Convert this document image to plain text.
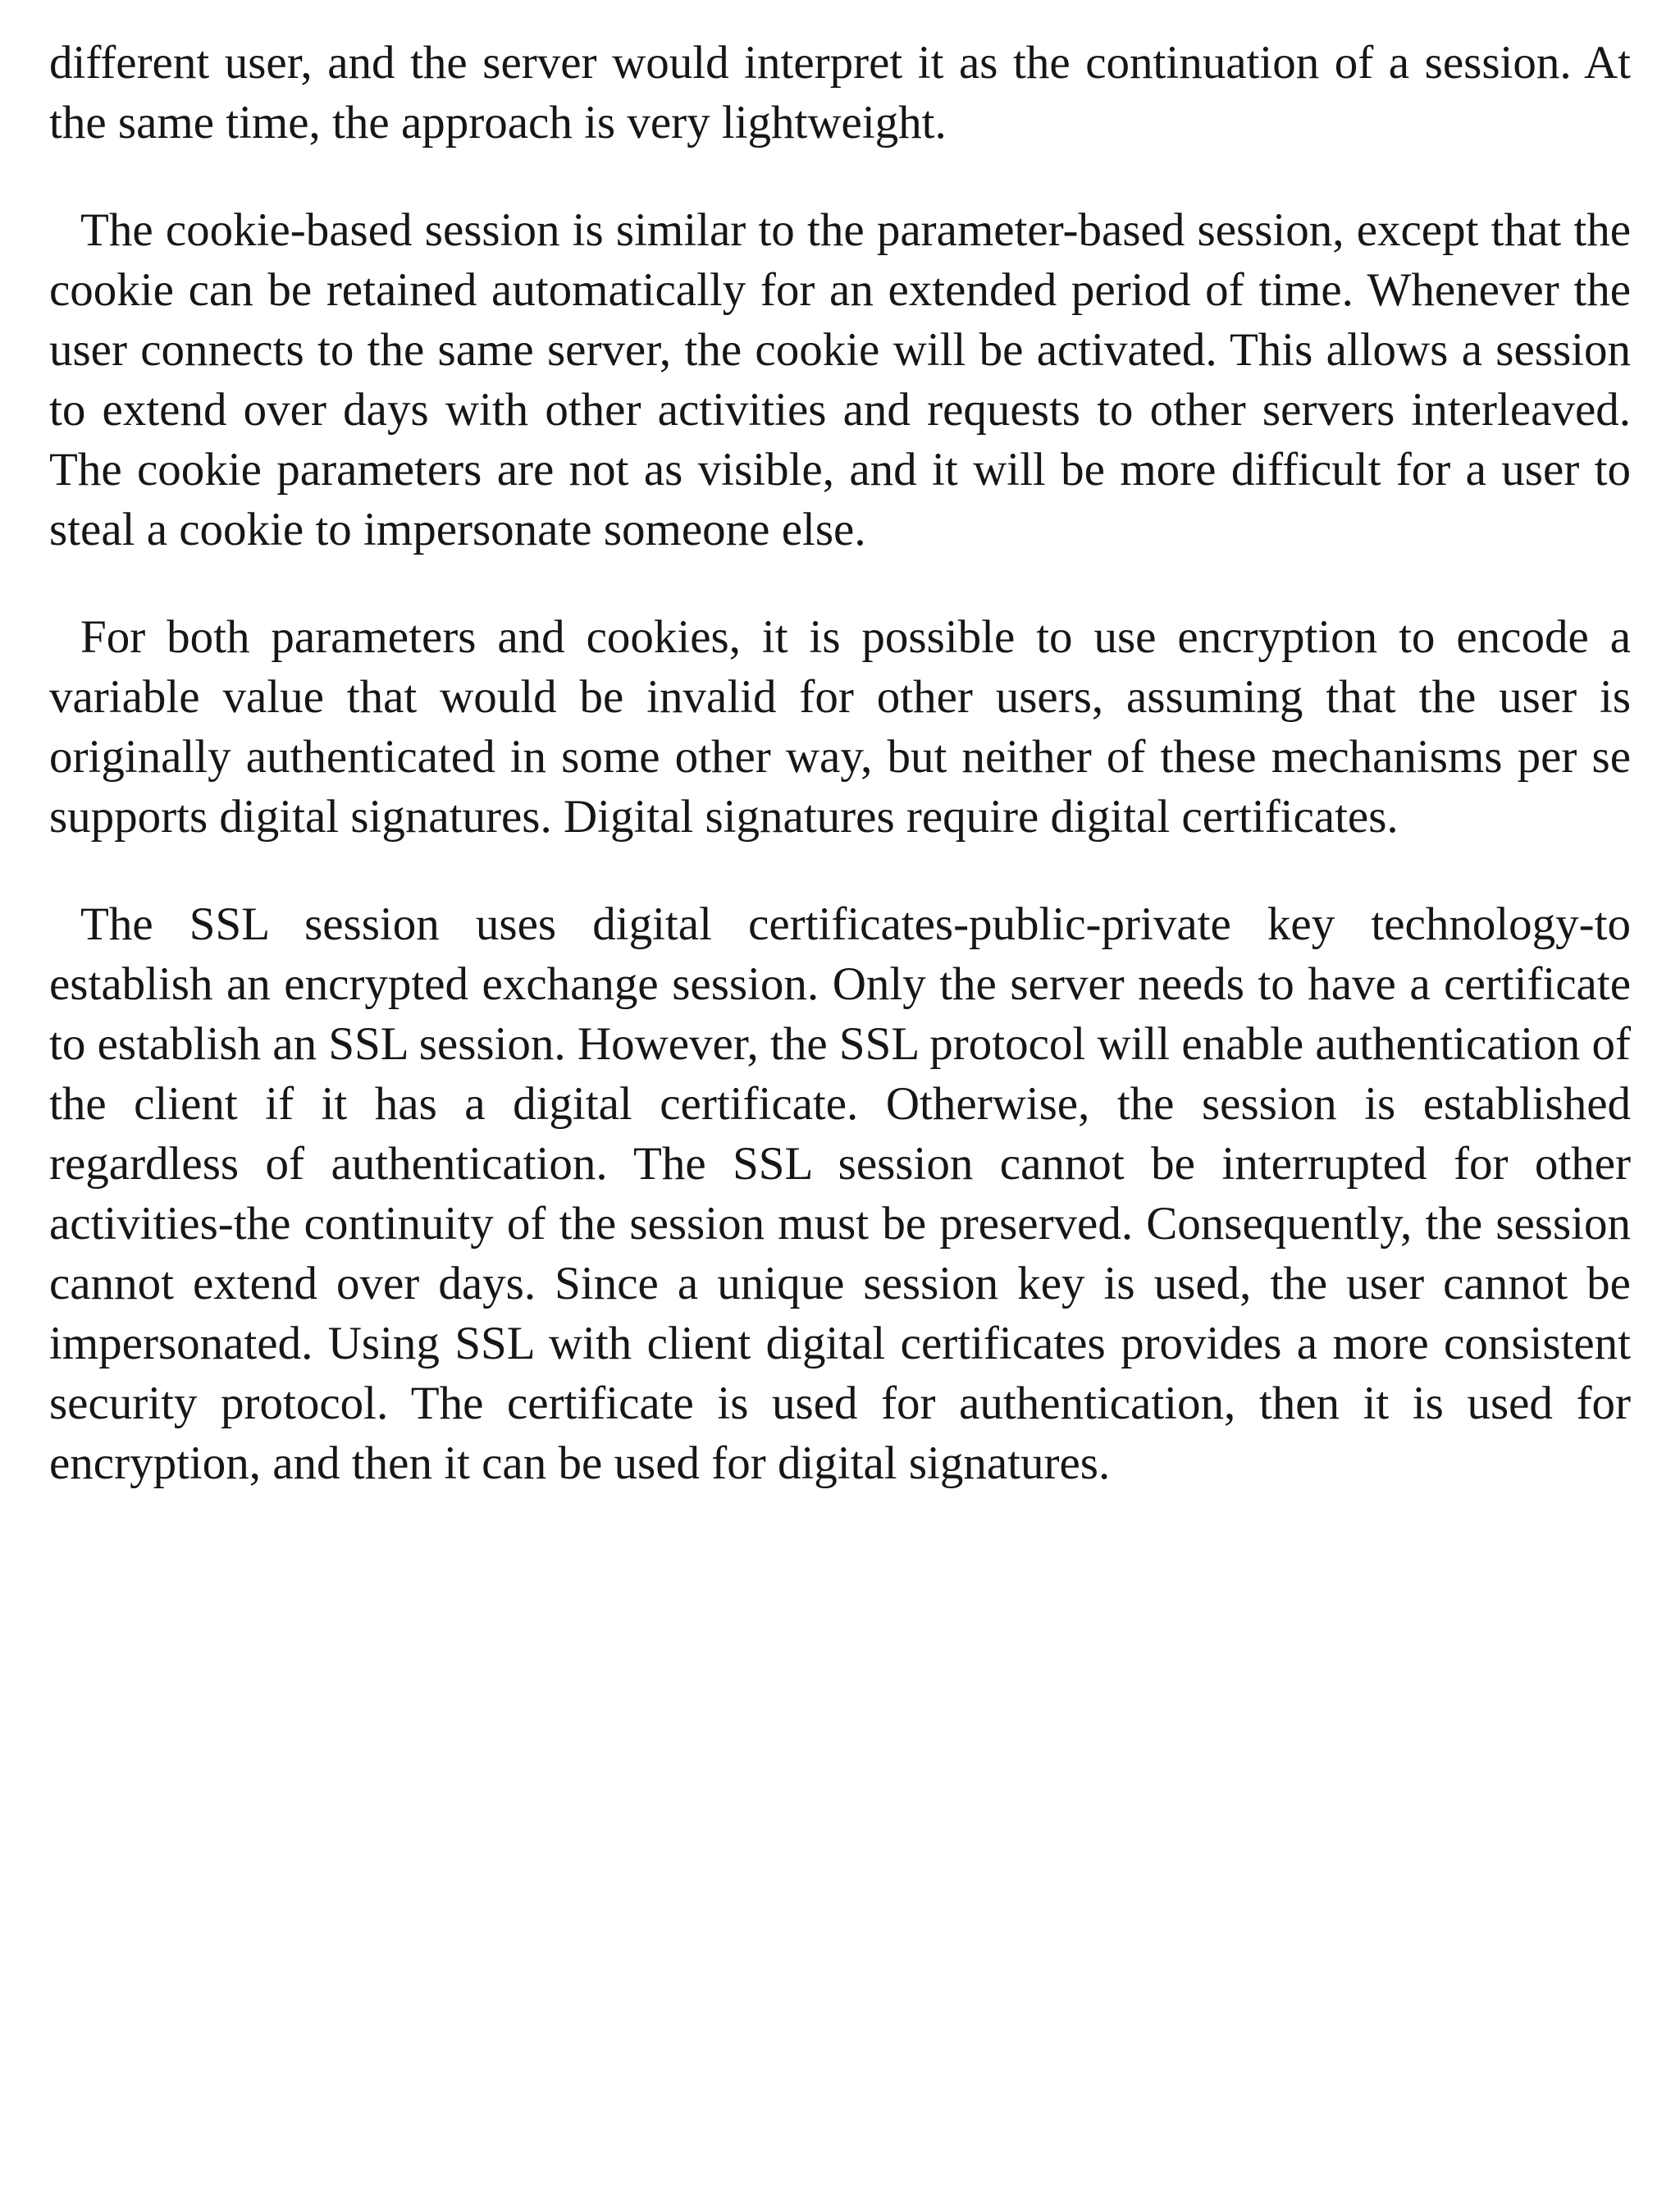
different user, and the server would interpret it as the continuation of a session. At the same time, the approach is very lightweight.

The cookie-based session is similar to the parameter-based session, except that the cookie can be retained automatically for an extended period of time. Whenever the user connects to the same server, the cookie will be activated. This allows a session to extend over days with other activities and requests to other servers interleaved. The cookie parameters are not as visible, and it will be more difficult for a user to steal a cookie to impersonate someone else.

For both parameters and cookies, it is possible to use encryption to encode a variable value that would be invalid for other users, assuming that the user is originally authenticated in some other way, but neither of these mechanisms per se supports digital signatures. Digital signatures require digital certificates.

The SSL session uses digital certificates-public-private key technology-to establish an encrypted exchange session. Only the server needs to have a certificate to establish an SSL session. However, the SSL protocol will enable authentication of the client if it has a digital certificate. Otherwise, the session is established regardless of authentication. The SSL session cannot be interrupted for other activities-the continuity of the session must be preserved. Consequently, the session cannot extend over days. Since a unique session key is used, the user cannot be impersonated. Using SSL with client digital certificates provides a more consistent security protocol. The certificate is used for authentication, then it is used for encryption, and then it can be used for digital signatures.
